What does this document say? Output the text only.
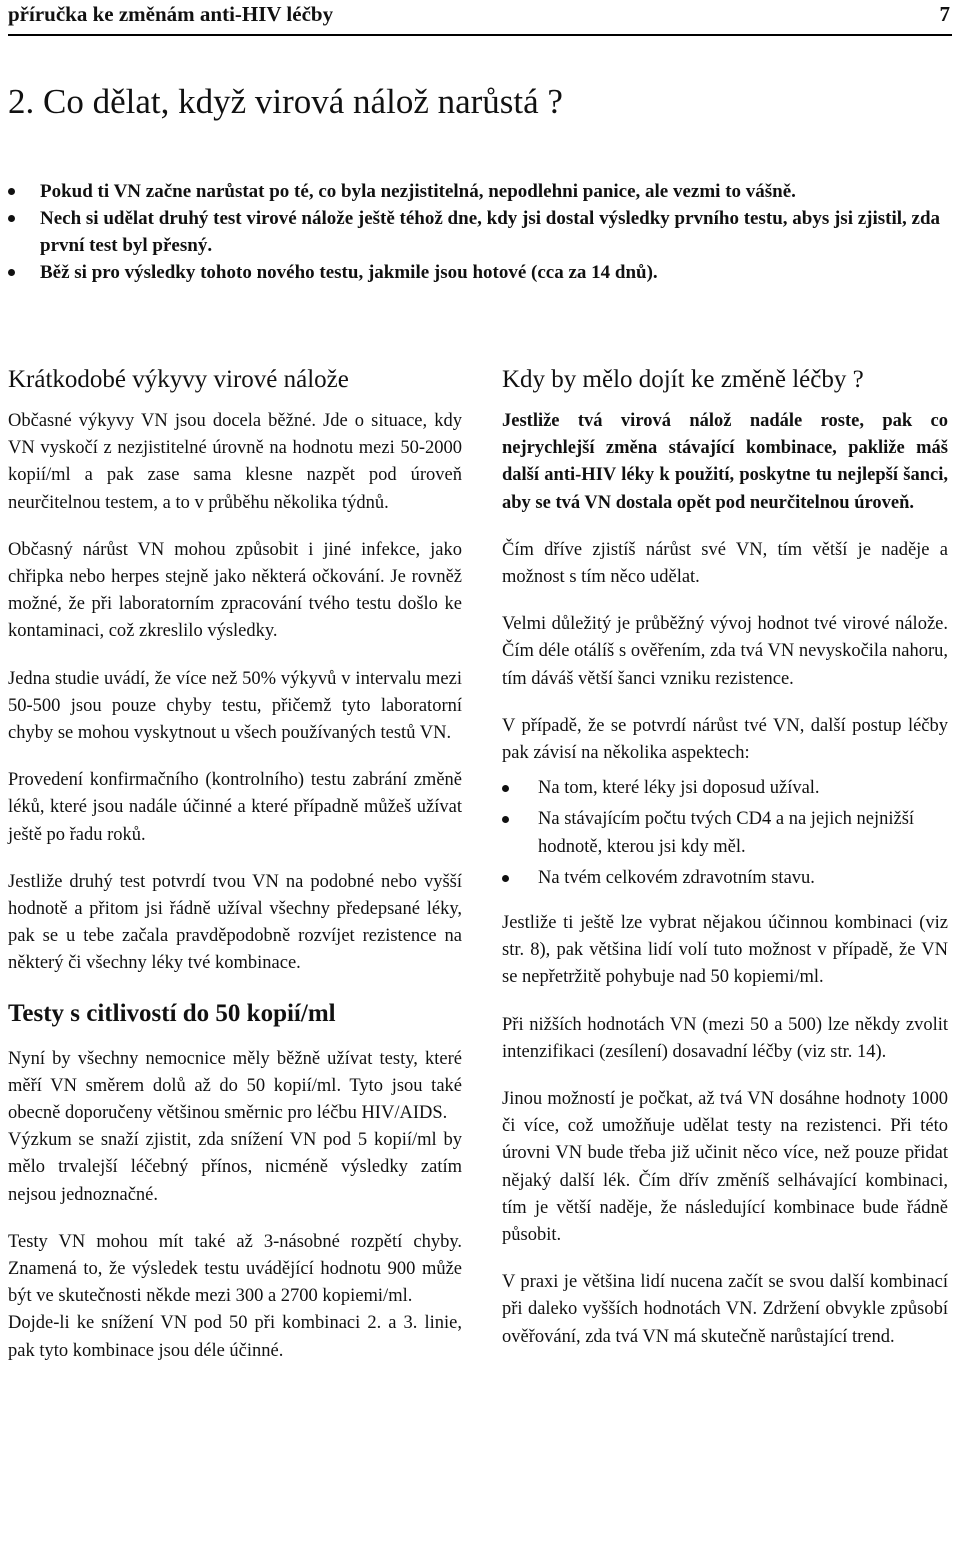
příručka ke změnám anti-HIV léčby	7
2. Co dělat, když virová nálož narůstá ?
Pokud ti VN začne narůstat po té, co byla nezjistitelná, nepodlehni panice, ale vezmi to vášně.
Nech si udělat druhý test virové nálože ještě téhož dne, kdy jsi dostal výsledky prvního testu, abys jsi zjistil, zda první test byl přesný.
Běž si pro výsledky tohoto nového testu, jakmile jsou hotové (cca za 14 dnů).
Krátkodobé výkyvy virové nálože

Občasné výkyvy VN jsou docela běžné. Jde o situace, kdy VN vyskočí z nezjistitelné úrovně na hodnotu mezi 50-2000 kopií/ml a pak zase sama klesne nazpět pod úroveň neurčitelnou testem, a to v průběhu několika týdnů.

Občasný nárůst VN mohou způsobit i jiné infekce, jako chřipka nebo herpes stejně jako některá očkování. Je rovněž možné, že při laboratorním zpracování tvého testu došlo ke kontaminaci, což zkreslilo výsledky.

Jedna studie uvádí, že více než 50% výkyvů v intervalu mezi 50-500 jsou pouze chyby testu, přičemž tyto laboratorní chyby se mohou vyskytnout u všech používaných testů VN.

Provedení konfirmačního (kontrolního) testu zabrání změně léků, které jsou nadále účinné a které případně můžeš užívat ještě po řadu roků.

Jestliže druhý test potvrdí tvou VN na podobné nebo vyšší hodnotě a přitom jsi řádně užíval všechny předepsané léky, pak se u tebe začala pravděpodobně rozvíjet rezistence na některý či všechny léky tvé kombinace.

Testy s citlivostí do 50 kopií/ml

Nyní by všechny nemocnice měly běžně užívat testy, které měří VN směrem dolů až do 50 kopií/ml. Tyto jsou také obecně doporučeny většinou směrnic pro léčbu HIV/AIDS.

Výzkum se snaží zjistit, zda snížení VN pod 5 kopií/ml by mělo trvalejší léčebný přínos, nicméně výsledky zatím nejsou jednoznačné.

Testy VN mohou mít také až 3-násobné rozpětí chyby. Znamená to, že výsledek testu uvádějící hodnotu 900 může být ve skutečnosti někde mezi 300 a 2700 kopiemi/ml.

Dojde-li ke snížení VN pod 50 při kombinaci 2. a 3. linie, pak tyto kombinace jsou déle účinné.

Kdy by mělo dojít ke změně léčby ?

Jestliže tvá virová nálož nadále roste, pak co nejrychlejší změna stávající kombinace, pakliže máš další anti-HIV léky k použití, poskytne tu nejlepší šanci, aby se tvá VN dostala opět pod neurčitelnou úroveň.

Čím dříve zjistíš nárůst své VN, tím větší je naděje a možnost s tím něco udělat.

Velmi důležitý je průběžný vývoj hodnot tvé virové nálože. Čím déle otálíš s ověřením, zda tvá VN nevyskočila nahoru, tím dáváš větší šanci vzniku rezistence.

V případě, že se potvrdí nárůst tvé VN, další postup léčby pak závisí na několika aspektech:

Na tom, které léky jsi doposud užíval.
Na stávajícím počtu tvých CD4 a na jejich nejnižší hodnotě, kterou jsi kdy měl.
Na tvém celkovém zdravotním stavu.

Jestliže ti ještě lze vybrat nějakou účinnou kombinaci (viz str. 8), pak většina lidí volí tuto možnost v případě, že VN se nepřetržitě pohybuje nad 50 kopiemi/ml.

Při nižších hodnotách VN (mezi 50 a 500) lze někdy zvolit intenzifikaci (zesílení) dosavadní léčby (viz str. 14).

Jinou možností je počkat, až tvá VN dosáhne hodnoty 1000 či více, což umožňuje udělat testy na rezistenci. Při této úrovni VN bude třeba již učinit něco více, než pouze přidat nějaký další lék. Čím dřív změníš selhávající kombinaci, tím je větší naděje, že následující kombinace bude řádně působit.

V praxi je většina lidí nucena začít se svou další kombinací při daleko vyšších hodnotách VN. Zdržení obvykle způsobí ověřování, zda tvá VN má skutečně narůstající trend.
